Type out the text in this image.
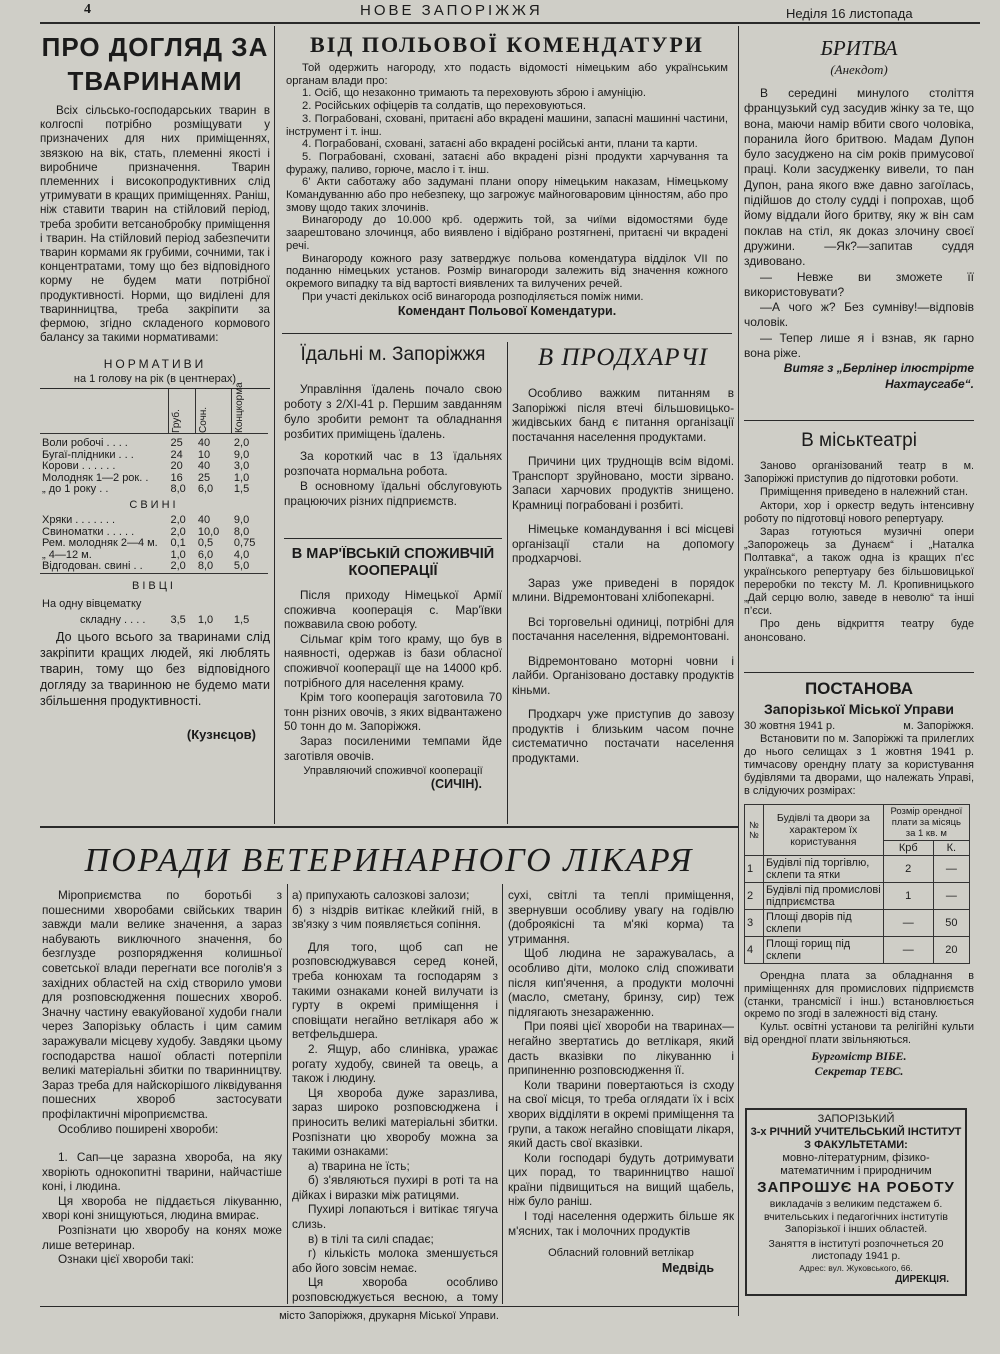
4	НОВЕ ЗАПОРІЖЖЯ	Неділя 16 листопада
ПРО ДОГЛЯД ЗА ТВАРИНАМИ

Всіх сільсько-господарських тварин в колгоспі потрібно розміщувати у призначених для них приміщеннях, звязкою на вік, стать, племенні якості і виробниче призначення. Тварин племенних і високопродуктивних слід утримувати в кращих приміщеннях. Раніш, ніж ставити тварин на стійловий період, треба зробити ветсанобробку приміщення і тварин. На стійловий період забезпечити тварин кормами як грубими, сочними, так і концентратами, тому що без відповідного корму не будем мати потрібної продуктивності. Норми, що виділені для тваринництва, треба закріпити за фермою, згідно складеного кормового балансу за такими нормативами:

НОРМАТИВИ
на 1 голову на рік (в центнерах)

	Груб.	Сочн.	Концкорма

Воли робочі . . . .	25	40	2,0
Бугаї-плідники . . .	24	10	9,0
Корови . . . . . .	20	40	3,0
Молодняк 1—2 рок. .	16	25	1,0
„ до 1 року . .	8,0	6,0	1,5
СВИНІ			
Хряки . . . . . . .	2,0	40	9,0
Свиноматки . . . . .	2,0	10,0	8,0
Рем. молодняк 2—4 м.	0,1	0,5	0,75
„ 4—12 м.	1,0	6,0	4,0
Відгодован. свині . .	2,0	8,0	5,0

ВІВЦІ			
На одну вівцематку			
складну . . . .	3,5	1,0	1,5

До цього всього за тваринами слід закріпити кращих людей, які люблять тварин, тому що без відповідного догляду за тваринною не будемо мати збільшення продуктивності.

(Кузнєцов)
ВІД ПОЛЬОВОЇ КОМЕНДАТУРИ

Той одержить нагороду, хто подасть відомості німецьким або українським органам влади про:

1. Осіб, що незаконно тримають та переховують зброю і амуніцію.

2. Російських офіцерів та солдатів, що переховуються.

3. Пограбовані, сховані, притаєні або вкрадені машини, запасні машинні частини, інструмент і т. інш.

4. Пограбовані, сховані, затаєні або вкрадені російські анти, плани та карти.

5. Пограбовані, сховані, затаєні або вкрадені різні продукти харчування та фуражу, паливо, горюче, масло і т. інш.

6’ Акти саботажу або задумані плани опору німецьким наказам, Німецькому Командуванню або про небезпеку, що загрожує майноговаровим цінностям, або про змову щодо таких злочинів.

Винагороду до 10.000 крб. одержить той, за чиїми відомостями буде заарештовано злочинця, або виявлено і відібрано розтягнені, притаєні чи вкрадені речі.

Винагороду кожного разу затверджує польова комендатура відділок VII по поданню німецьких установ. Розмір винагороди залежить від значення кожного окремого випадку та від вартості виявлених та вилучених речей.

При участі декількох осіб винагорода розподіляється поміж ними.

Комендант Польової Комендатури.

Їдальні м. Запоріжжя

Управління їдалень почало свою роботу з 2/ХІ-41 р. Першим завданням було зробити ремонт та обладнання розбитих приміщень їдалень.

За короткий час в 13 їдальнях розпочата нормальна робота.

В основному їдальні обслуговують працюючих різних підприємств.

В МАР'ЇВСЬКІЙ СПОЖИВЧІЙ КООПЕРАЦІЇ

Після приходу Німецької Армії споживча кооперація с. Мар'ївки пожвавила свою роботу.

Сільмаг крім того краму, що був в наявності, одержав із бази обласної споживчої кооперації ще на 14000 крб. потрібного для населення краму.

Крім того кооперація заготовила 70 тонн різних овочів, з яких відвантажено 50 тонн до м. Запоріжжя.

Зараз посиленими темпами йде заготівля овочів.

Управляючий споживчої кооперації
(СИЧІН).
В ПРОДХАРЧІ

Особливо важким питанням в Запоріжжі після втечі більшовицько-жидівських банд є питання організації постачання населення продуктами.

Причини цих труднощів всім відомі. Транспорт зруйновано, мости зірвано. Запаси харчових продуктів знищено. Крамниці пограбовані і розбиті.

Німецьке командування і всі місцеві організації стали на допомогу продхарчові.

Зараз уже приведені в порядок млини. Відремонтовані хлібопекарні.

Всі торговельні одиниці, потрібні для постачання населення, відремонтовані.

Відремонтовано моторні човни і лайби. Організовано доставку продуктів кіньми.

Продхарч уже приступив до завозу продуктів і близьким часом почне систематично постачати населення продуктами.

БРИТВА
(Анекдот)

В середині минулого століття французький суд засудив жінку за те, що вона, маючи намір вбити свого чоловіка, поранила його бритвою. Мадам Дупон було засуджено на сім років примусової праці. Коли засудженку вивели, то пан Дупон, рана якого вже давно загоїлась, підійшов до столу судді і попрохав, щоб йому віддали його бритву, яку ж він сам поклав на стіл, як доказ злочину своєї дружини. —Як?—запитав суддя здивовано.

— Невже ви зможете її використовувати?

—А чого ж? Без сумніву!—відповів чоловік.

— Тепер лише я і взнав, як гарно вона ріже.

Витяг з „Берлінер ілюстрірте Нахтаусгабе“.

В міськтеатрі

Заново організований театр в м. Запоріжжі приступив до підготовки роботи.

Приміщення приведено в належний стан.

Актори, хор і оркестр ведуть інтенсивну роботу по підготовці нового репертуару.

Зараз готуються музичні опери „Запорожець за Дунаєм“ і „Наталка Полтавка“, а також одна із кращих п’єс українського репертуару без більшовицької переробки по тексту М. Л. Кропивницького „Дай серцю волю, заведе в неволю“ та інші п’єси.

Про день відкриття театру буде анонсовано.

ПОСТАНОВА
Запорізької Міської Управи
30 жовтня 1941 р.	м. Запоріжжя.

Встановити по м. Запоріжжі та прилеглих до нього селищах з 1 жовтня 1941 р. тимчасову орендну плату за користування будівлями та дворами, що належать Управі, в слідуючих розмірах:

№№	Будівлі та двори за характером їх користування	Розмір орендної плати за місяць за 1 кв. м	
		Крб	К.
1	Будівлі під торгівлю, склепи та ятки	2	—
2	Будівлі під промислові підприємства	1	—
3	Площі дворів під склепи	—	50
4	Площі горищ під склепи	—	20

Орендна плата за обладнання в приміщеннях для промислових підприємств (станки, трансмісії і інш.) встановлюється окремо по згоді в залежності від стану.

Культ. освітні установи та релігійні культи від орендної плати звільняються.

Бургомістр ВІБЕ.
Секретар ТЕВС.
ЗАПОРІЗЬКИЙ
3-х РІЧНИЙ УЧИТЕЛЬСЬКИЙ ІНСТИТУТ З ФАКУЛЬТЕТАМИ:
мовно-літературним, фізико-математичним і природничим
ЗАПРОШУЄ НА РОБОТУ
викладачів з великим педстажем б. вчительських і педагогічних інститутів Запорізької і інших областей.
Заняття в інституті розпочнеться 20 листопаду 1941 р.
Адрес: вул. Жуковського, 66.
ДИРЕКЦІЯ.
ПОРАДИ ВЕТЕРИНАРНОГО ЛІКАРЯ

Міроприємства по боротьбі з пошесними хворобами свійських тварин завжди мали велике значення, а зараз набувають виключного значення, бо безглузде розпорядження колишньої советської влади перегнати все поголів'я з західних областей на схід створило умови для розповсюдження пошесних хвороб. Значну частину евакуйованої худоби гнали через Запорізьку область і цим самим заражували місцеву худобу. Завдяки цьому господарства нашої області потерпіли великі матеріальні збитки по тваринництву. Зараз треба для найскорішого ліквідування пошесних хвороб застосувати профілактичні міроприємства.

Особливо поширені хвороби:

1. Сап—це заразна хвороба, на яку хворіють однокопитні тварини, найчастіше коні, і людина.

Ця хвороба не піддається лікуванню, хворі коні знищуються, людина вмирає.

Розпізнати цю хворобу на конях може лише ветеринар.

Ознаки цієї хвороби такі:

а) припухають салозкові залози;

б) з ніздрів витікає клейкий гній, в зв'язку з чим появляється сопіння.

Для того, щоб сап не розповсюджувався серед коней, треба конюхам та господарям з такими ознаками коней вилучати із гурту в окремі приміщення і сповіщати негайно ветлікаря або ж ветфельдшера.

2. Ящур, або слинівка, уражає рогату худобу, свиней та овець, а також і людину.

Ця хвороба дуже заразлива, зараз широко розповсюджена і приносить великі матеріальні збитки. Розпізнати цю хворобу можна за такими ознаками:

а) тварина не їсть;

б) з'являються пухирі в роті та на дійках і виразки між ратицями.

Пухирі лопаються і витікає тягуча слизь.

в) в тілі та силі спадає;

г) кількість молока зменшується або його зовсім немає.

Ця хвороба особливо розповсюджується весною, а тому

сухі, світлі та теплі приміщення, звернувши особливу увагу на годівлю (доброякісні та м'які корма) та утримання.

Щоб людина не заражувалась, а особливо діти, молоко слід споживати після кип'ячення, а продукти молочні (масло, сметану, бринзу, сир) теж підлягають знезараженню.

При появі цієї хвороби на тваринах—негайно звертатись до ветлікаря, який дасть вказівки по лікуванню і припиненню розповсюдження її.

Коли тварини повертаються із сходу на свої місця, то треба оглядати їх і всіх хворих відділяти в окремі приміщення та групи, а також негайно сповіщати лікаря, який дасть свої вказівки.

Коли господарі будуть дотримувати цих порад, то тваринництво нашої країни підвищиться на вищий щабель, ніж було раніш.

І тоді населення одержить більше як м'ясних, так і молочних продуктів

Обласний головний ветлікар

Медвідь

місто Запоріжжя, друкарня Міської Управи.
